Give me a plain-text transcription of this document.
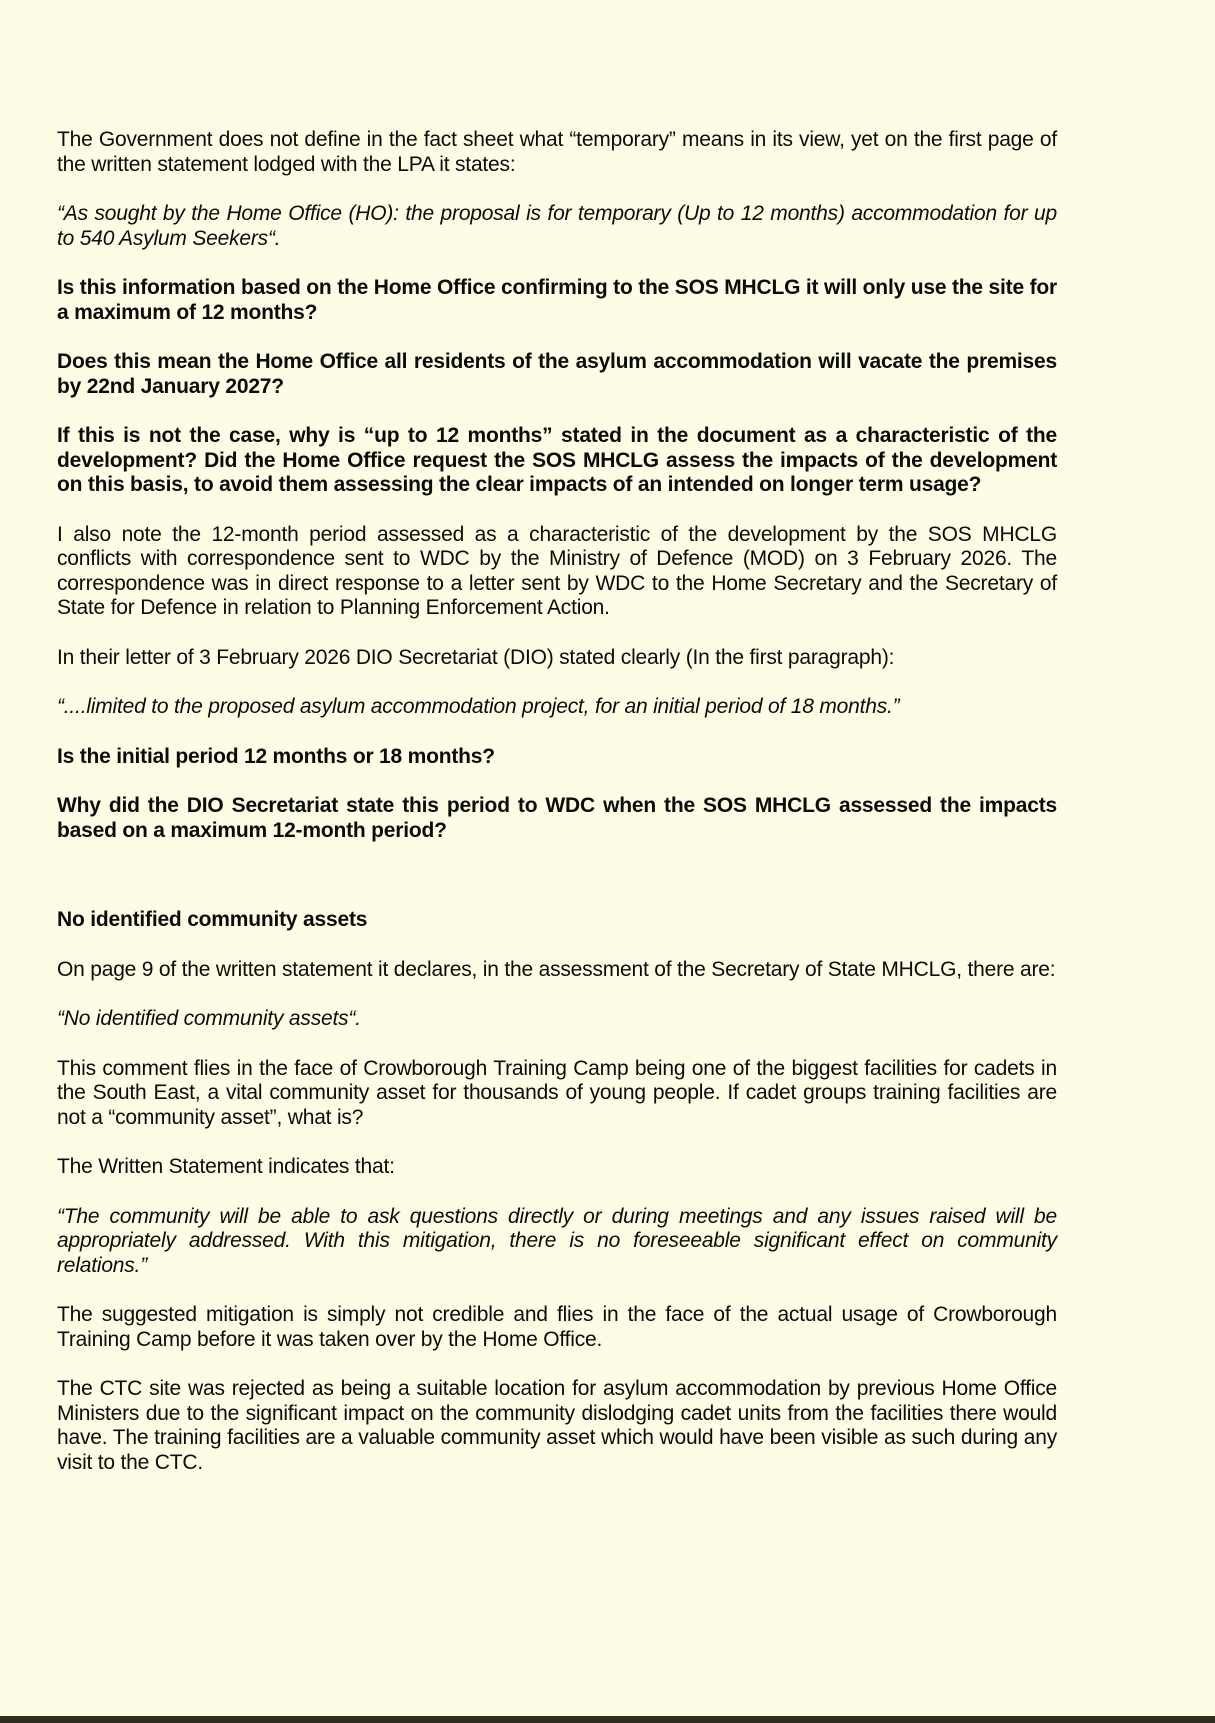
The Government does not define in the fact sheet what “temporary” means in its view, yet on the first page of the written statement lodged with the LPA it states:

“As sought by the Home Office (HO): the proposal is for temporary (Up to 12 months) accommodation for up to 540 Asylum Seekers“.

Is this information based on the Home Office confirming to the SOS MHCLG it will only use the site for a maximum of 12 months?

Does this mean the Home Office all residents of the asylum accommodation will vacate the premises by 22nd January 2027?

If this is not the case, why is “up to 12 months” stated in the document as a characteristic of the development? Did the Home Office request the SOS MHCLG assess the impacts of the development on this basis, to avoid them assessing the clear impacts of an intended on longer term usage?

I also note the 12-month period assessed as a characteristic of the development by the SOS MHCLG conflicts with correspondence sent to WDC by the Ministry of Defence (MOD) on 3 February 2026. The correspondence was in direct response to a letter sent by WDC to the Home Secretary and the Secretary of State for Defence in relation to Planning Enforcement Action.

In their letter of 3 February 2026 DIO Secretariat (DIO) stated clearly (In the first paragraph):

“....limited to the proposed asylum accommodation project, for an initial period of 18 months.”

Is the initial period 12 months or 18 months?

Why did the DIO Secretariat state this period to WDC when the SOS MHCLG assessed the impacts based on a maximum 12-month period?

No identified community assets

On page 9 of the written statement it declares, in the assessment of the Secretary of State MHCLG, there are:

“No identified community assets“.

This comment flies in the face of Crowborough Training Camp being one of the biggest facilities for cadets in the South East, a vital community asset for thousands of young people. If cadet groups training facilities are not a “community asset”, what is?

The Written Statement indicates that:

“The community will be able to ask questions directly or during meetings and any issues raised will be appropriately addressed. With this mitigation, there is no foreseeable significant effect on community relations.”

The suggested mitigation is simply not credible and flies in the face of the actual usage of Crowborough Training Camp before it was taken over by the Home Office.

The CTC site was rejected as being a suitable location for asylum accommodation by previous Home Office Ministers due to the significant impact on the community dislodging cadet units from the facilities there would have. The training facilities are a valuable community asset which would have been visible as such during any visit to the CTC.
